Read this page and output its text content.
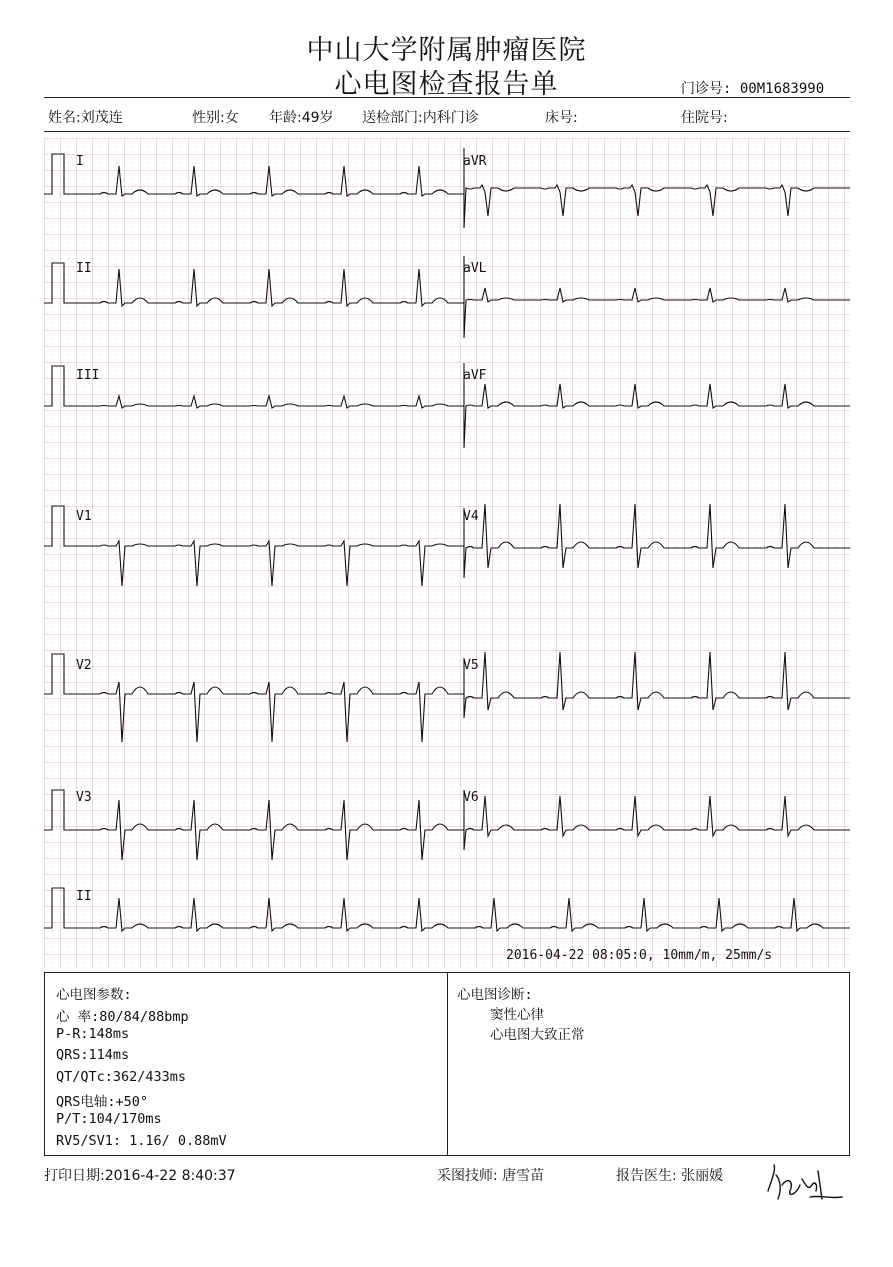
中山大学附属肿瘤医院
心电图检查报告单	门诊号: 00M1683990
姓名:刘茂连	性别:女 年龄:49岁 送检部门:内科门诊	床号:	住院号:
I	aVR
II	aVL
III	aVF
V1	V4
V2	V5
V3	V6
II
2016-04-22 08:05:0, 10mm/m, 25mm/s
心电图参数:
心 率:80/84/88bmp
P-R:148ms
QRS:114ms
QT/QTc:362/433ms
QRS电轴:+50°
P/T:104/170ms
RV5/SV1: 1.16/ 0.88mV
心电图诊断:
窦性心律
心电图大致正常
打印日期:2016-4-22 8:40:37	采图技师: 唐雪苗	报告医生: 张丽媛
